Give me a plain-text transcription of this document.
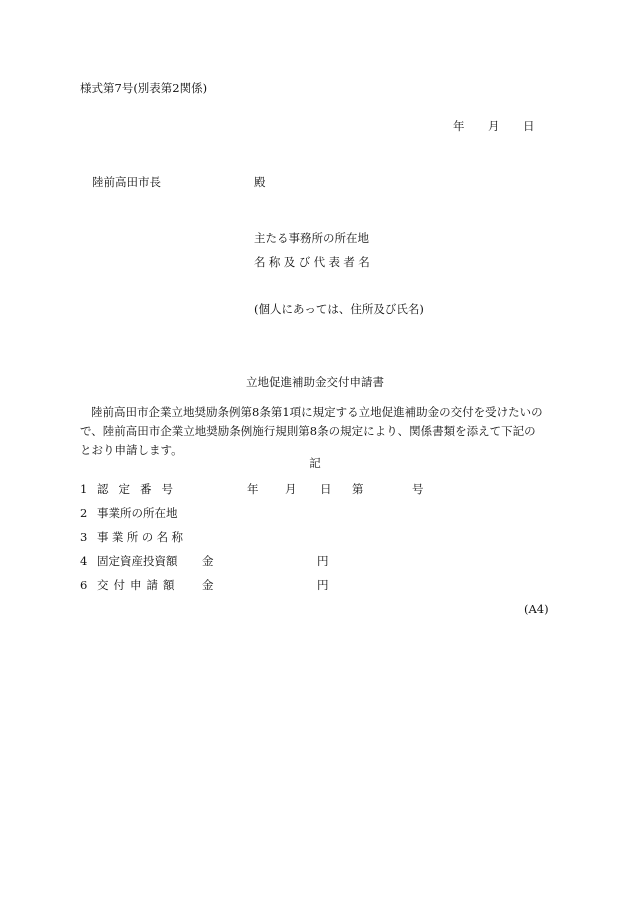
様式第7号(別表第2関係)
年 月 日
陸前高田市長	殿
主たる事務所の所在地
名称及び代表者名
(個人にあっては、住所及び氏名)
立地促進補助金交付申請書

陸前高田市企業立地奨励条例第8条第1項に規定する立地促進補助金の交付を受けたいの

で、陸前高田市企業立地奨励条例施行規則第8条の規定により、関係書類を添えて下記の

とおり申請します。

記
1 認定番号	年 月 日 第	号
2 事業所の所在地
3 事業所の名称
4 固定資産投資額 金	円
6 交付申請額 金	円
(A4)
